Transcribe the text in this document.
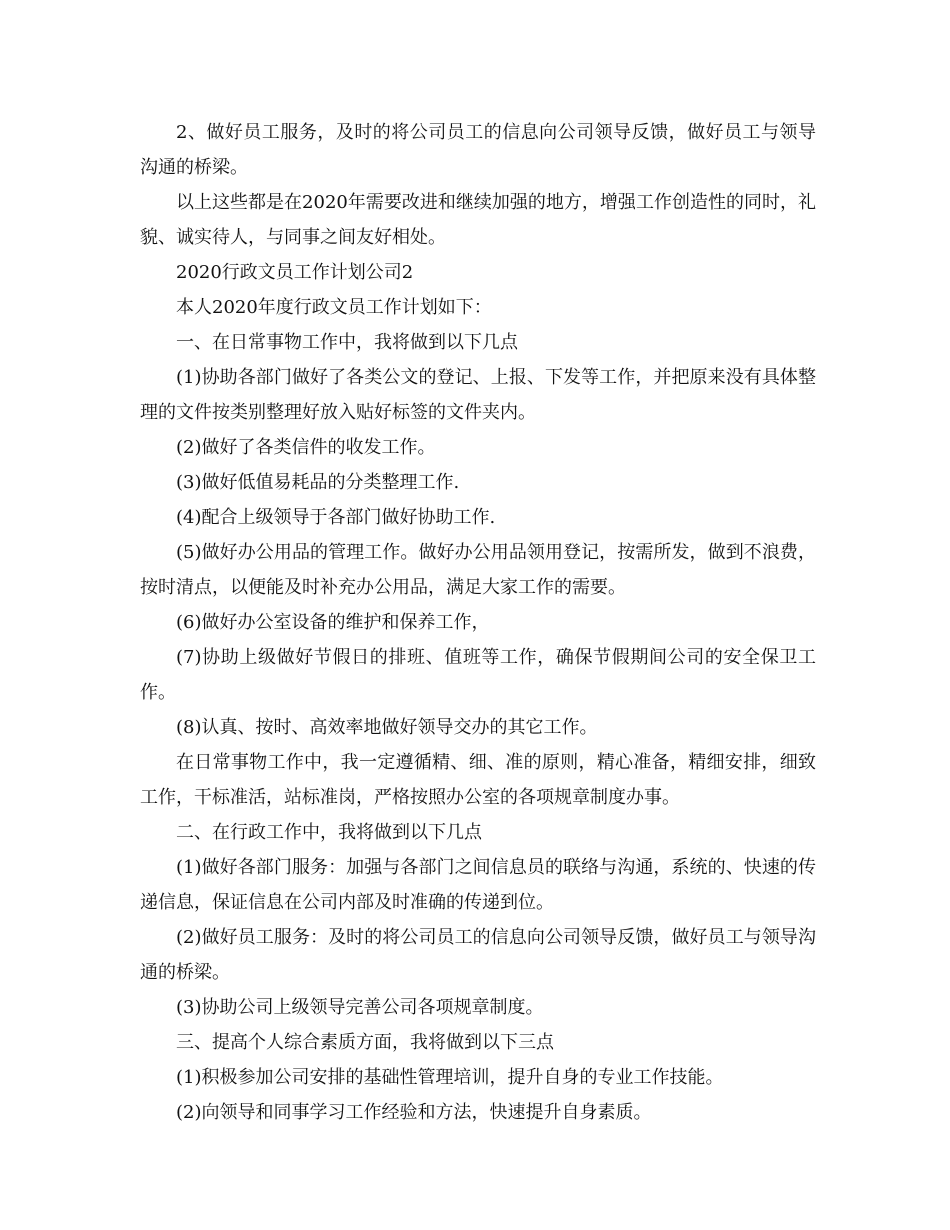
2、做好员工服务，及时的将公司员工的信息向公司领导反馈，做好员工与领导沟通的桥梁。

以上这些都是在2020年需要改进和继续加强的地方，增强工作创造性的同时，礼貌、诚实待人，与同事之间友好相处。

2020行政文员工作计划公司2

本人2020年度行政文员工作计划如下：

一、在日常事物工作中，我将做到以下几点

(1)协助各部门做好了各类公文的登记、上报、下发等工作，并把原来没有具体整理的文件按类别整理好放入贴好标签的文件夹内。

(2)做好了各类信件的收发工作。

(3)做好低值易耗品的分类整理工作.

(4)配合上级领导于各部门做好协助工作.

(5)做好办公用品的管理工作。做好办公用品领用登记，按需所发，做到不浪费，按时清点，以便能及时补充办公用品，满足大家工作的需要。

(6)做好办公室设备的维护和保养工作，

(7)协助上级做好节假日的排班、值班等工作，确保节假期间公司的安全保卫工作。

(8)认真、按时、高效率地做好领导交办的其它工作。

在日常事物工作中，我一定遵循精、细、准的原则，精心准备，精细安排，细致工作，干标准活，站标准岗，严格按照办公室的各项规章制度办事。

二、在行政工作中，我将做到以下几点

(1)做好各部门服务：加强与各部门之间信息员的联络与沟通，系统的、快速的传递信息，保证信息在公司内部及时准确的传递到位。

(2)做好员工服务：及时的将公司员工的信息向公司领导反馈，做好员工与领导沟通的桥梁。

(3)协助公司上级领导完善公司各项规章制度。

三、提高个人综合素质方面，我将做到以下三点

(1)积极参加公司安排的基础性管理培训，提升自身的专业工作技能。

(2)向领导和同事学习工作经验和方法，快速提升自身素质。
